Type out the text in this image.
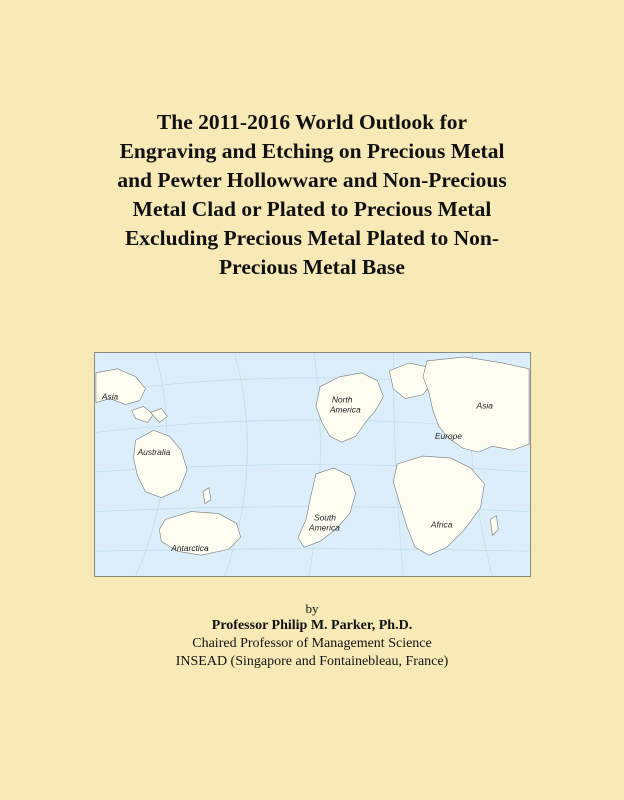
The 2011-2016 World Outlook for
Engraving and Etching on Precious Metal
and Pewter Hollowware and Non-Precious
Metal Clad or Plated to Precious Metal
Excluding Precious Metal Plated to Non-
Precious Metal Base
Asia
Australia
Antarctica
North
America	Asia
Europe
South
America	Africa

by

Professor Philip M. Parker, Ph.D.

Chaired Professor of Management Science

INSEAD (Singapore and Fontainebleau, France)
